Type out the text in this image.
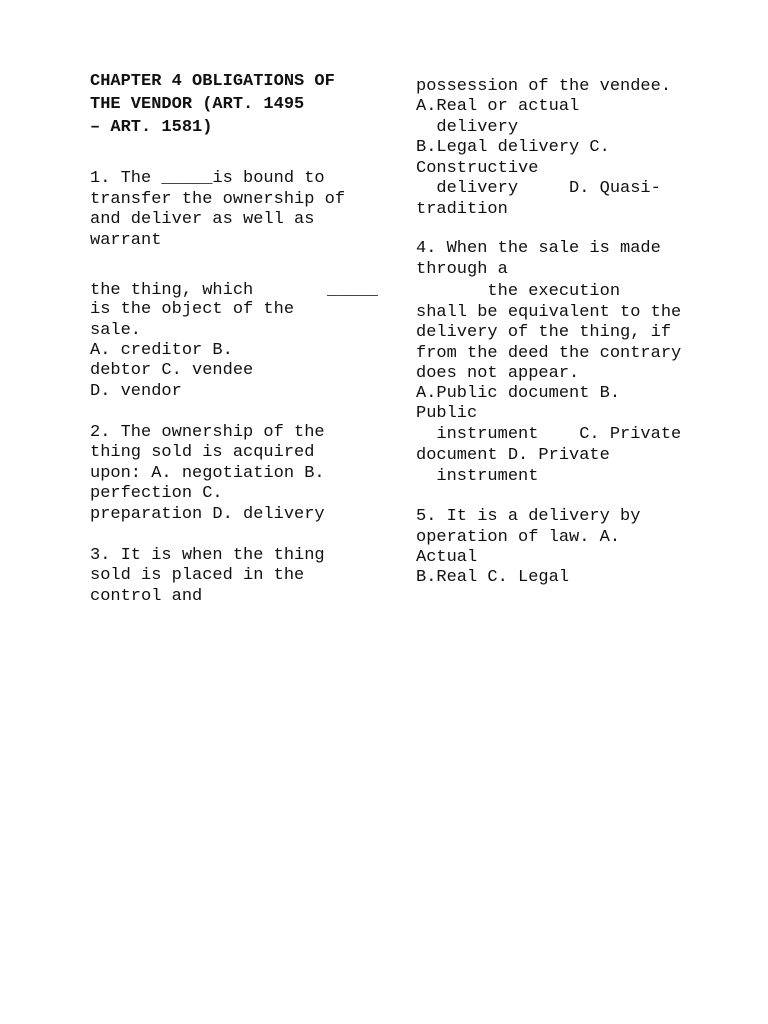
CHAPTER 4 OBLIGATIONS OF
THE VENDOR (ART. 1495
– ART. 1581)
1. The _____is bound to
transfer the ownership of
and deliver as well as
warrant
the thing, which	_____
is the object of the
sale.
A. creditor B.
debtor C. vendee
D. vendor
2. The ownership of the
thing sold is acquired
upon: A. negotiation B.
perfection C.
preparation D. delivery
3. It is when the thing
sold is placed in the
control and
possession of the vendee.
A.Real or actual
delivery
B.Legal delivery C.
Constructive
delivery     D. Quasi-
tradition
4. When the sale is made
through a
the execution
shall be equivalent to the
delivery of the thing, if
from the deed the contrary
does not appear.
A.Public document B.
Public
instrument    C. Private
document D. Private
instrument
5. It is a delivery by
operation of law. A.
Actual
B.Real C. Legal
